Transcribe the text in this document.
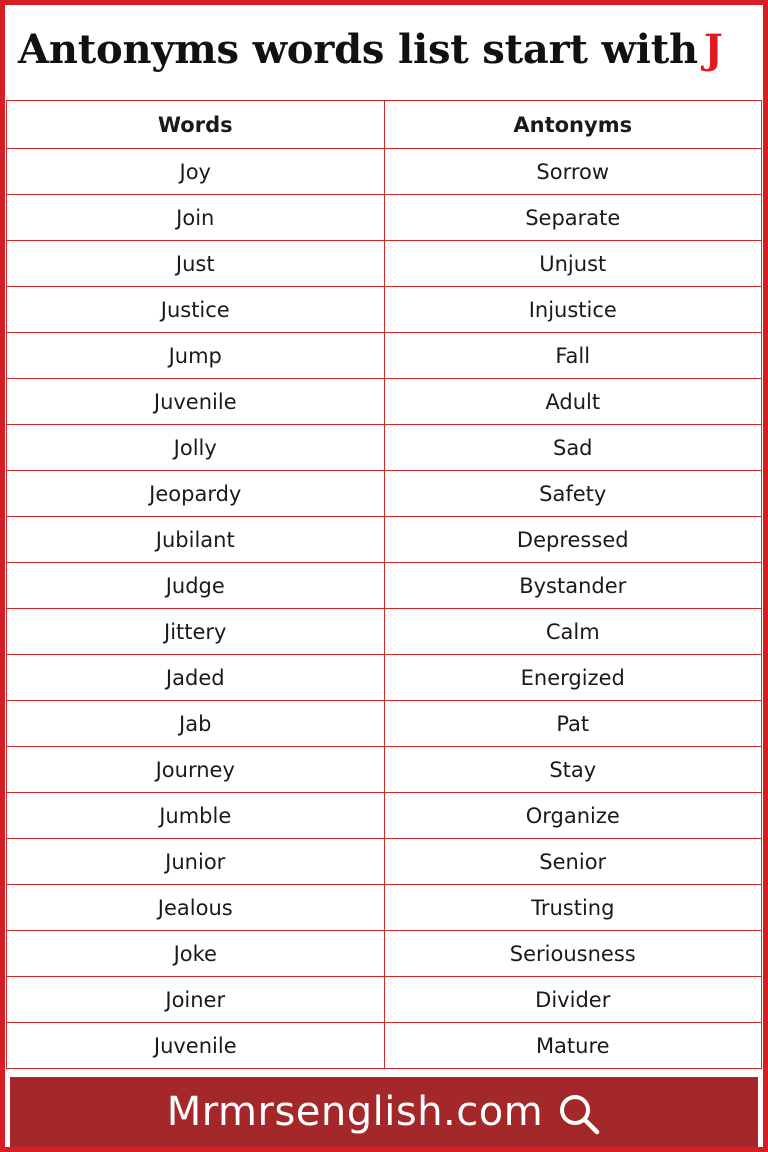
Antonyms words list start with J
Words	Antonyms
Joy	Sorrow
Join	Separate
Just	Unjust
Justice	Injustice
Jump	Fall
Juvenile	Adult
Jolly	Sad
Jeopardy	Safety
Jubilant	Depressed
Judge	Bystander
Jittery	Calm
Jaded	Energized
Jab	Pat
Journey	Stay
Jumble	Organize
Junior	Senior
Jealous	Trusting
Joke	Seriousness
Joiner	Divider
Juvenile	Mature
Mrmrsenglish.com
